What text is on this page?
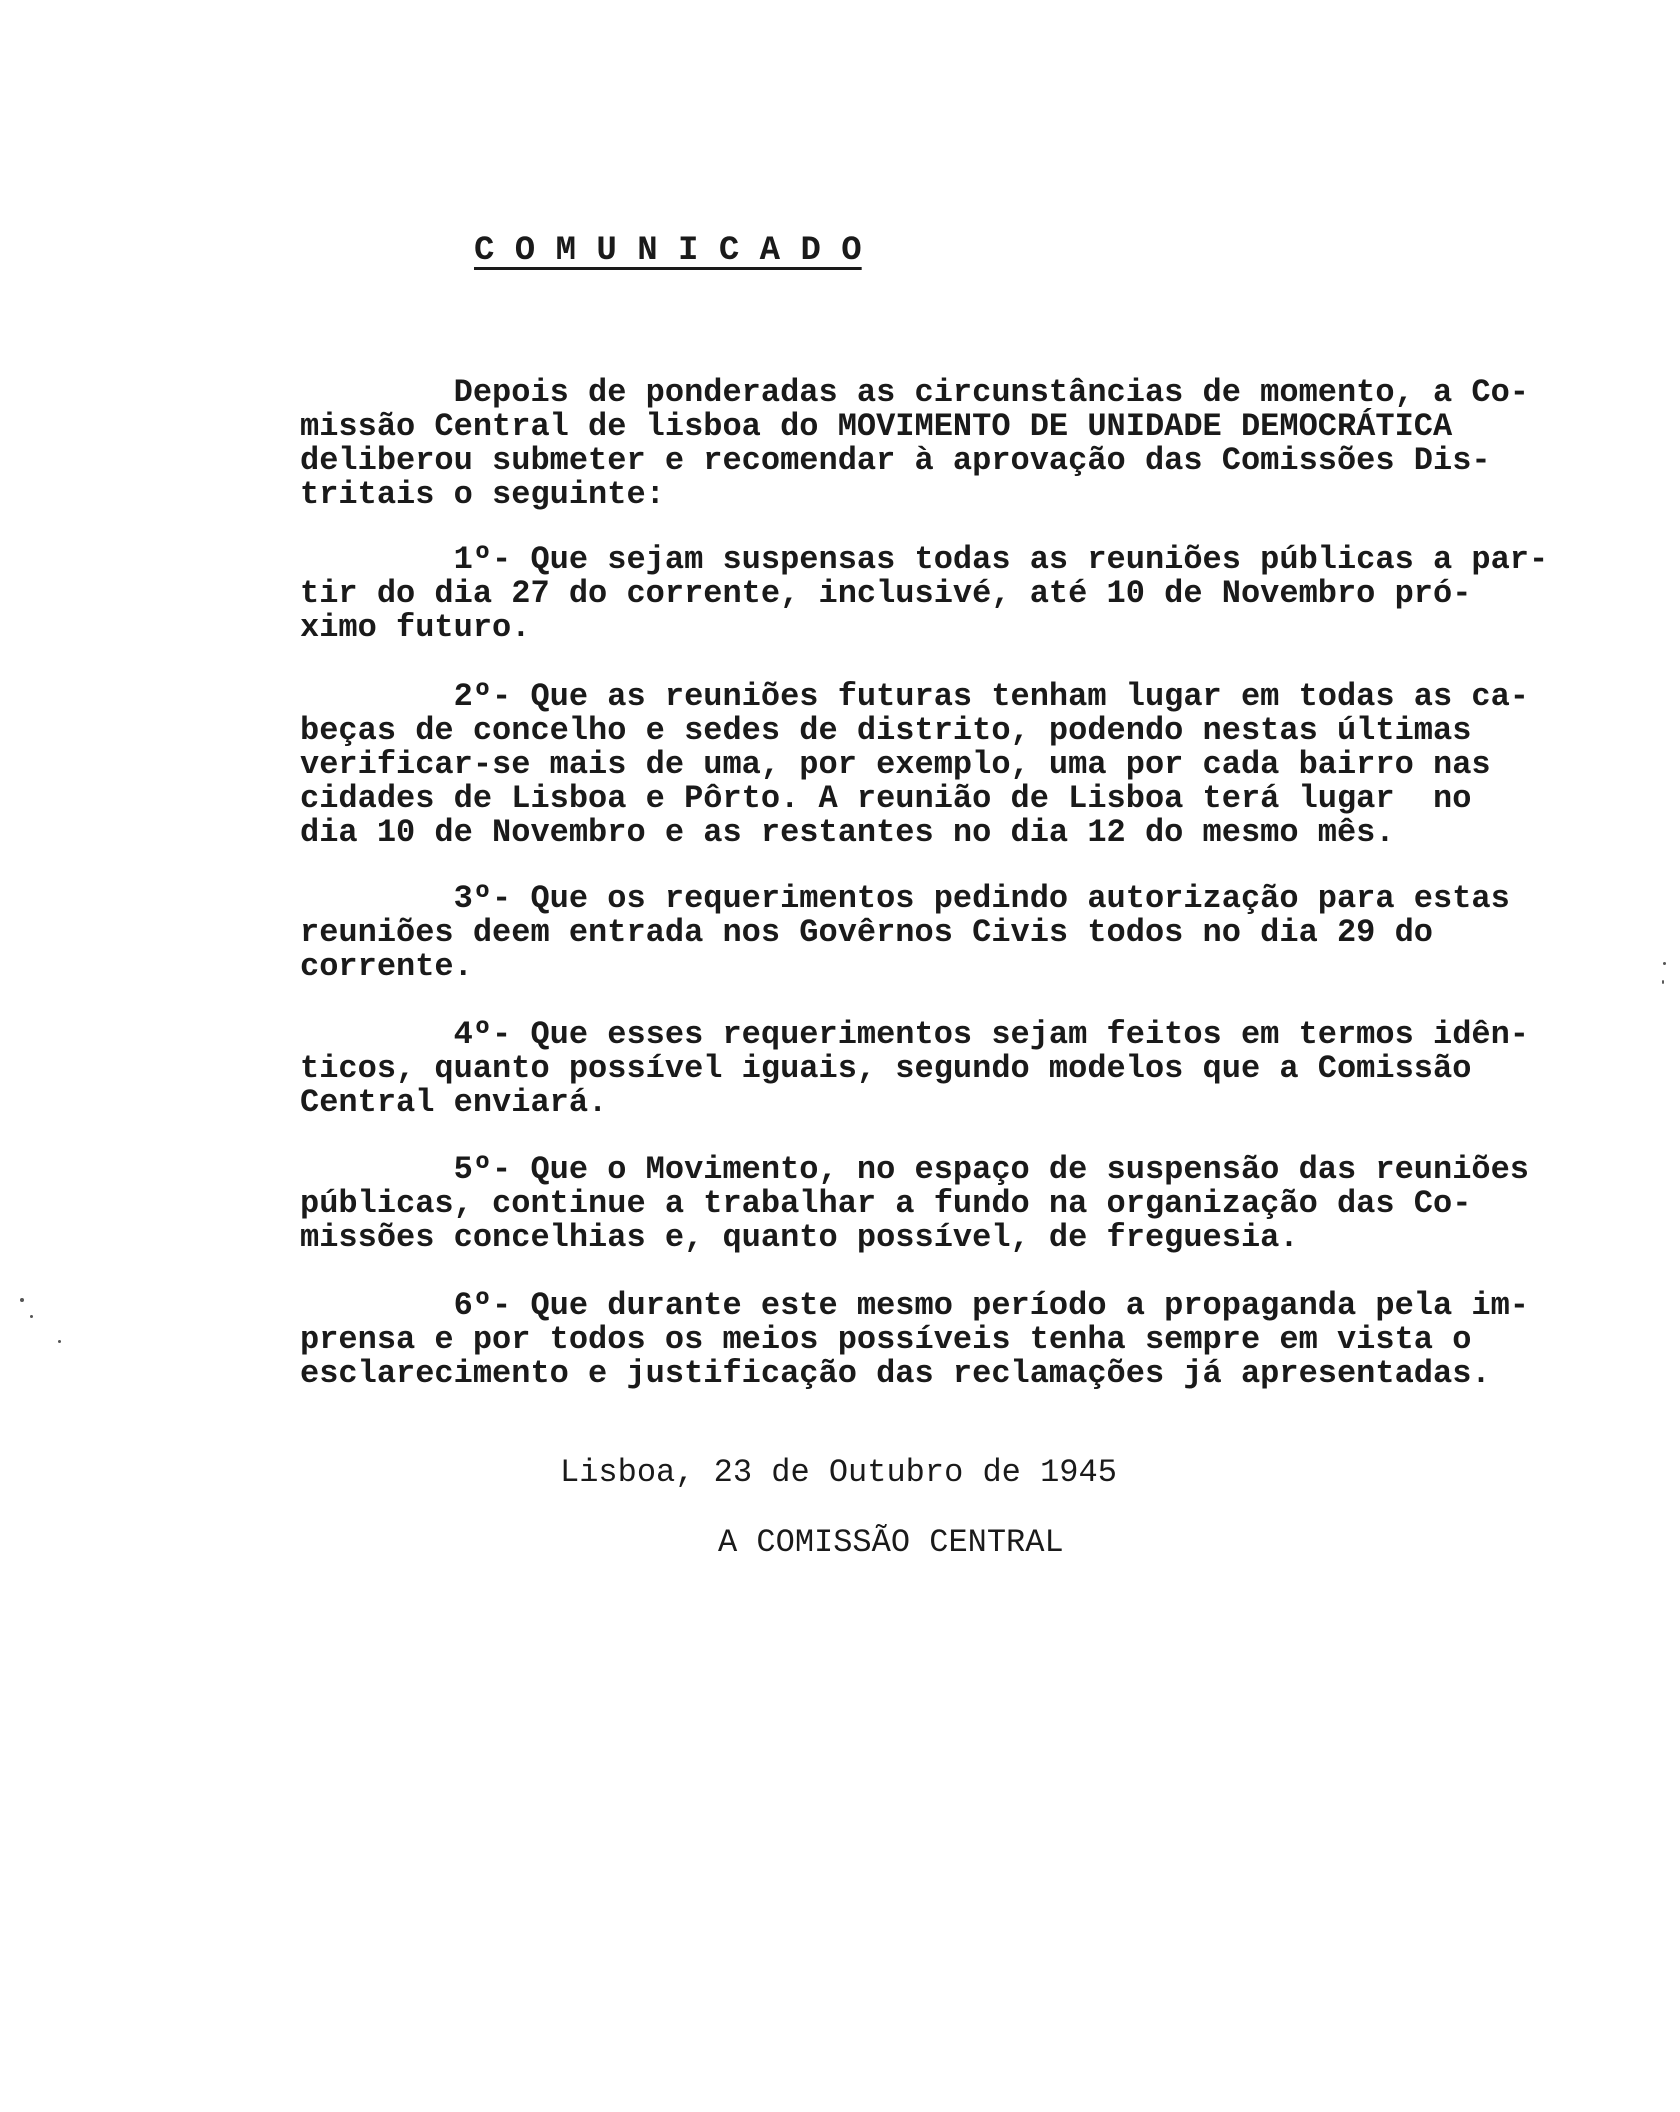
C O M U N I C A D O
Depois de ponderadas as circunstâncias de momento, a Co-
missão Central de lisboa do MOVIMENTO DE UNIDADE DEMOCRÁTICA
deliberou submeter e recomendar à aprovação das Comissões Dis-
tritais o seguinte:
1º- Que sejam suspensas todas as reuniões públicas a par-
tir do dia 27 do corrente, inclusivé, até 10 de Novembro pró-
ximo futuro.
2º- Que as reuniões futuras tenham lugar em todas as ca-
beças de concelho e sedes de distrito, podendo nestas últimas
verificar-se mais de uma, por exemplo, uma por cada bairro nas
cidades de Lisboa e Pôrto. A reunião de Lisboa terá lugar  no
dia 10 de Novembro e as restantes no dia 12 do mesmo mês.
3º- Que os requerimentos pedindo autorização para estas
reuniões deem entrada nos Govêrnos Civis todos no dia 29 do
corrente.
4º- Que esses requerimentos sejam feitos em termos idên-
ticos, quanto possível iguais, segundo modelos que a Comissão
Central enviará.
5º- Que o Movimento, no espaço de suspensão das reuniões
públicas, continue a trabalhar a fundo na organização das Co-
missões concelhias e, quanto possível, de freguesia.
6º- Que durante este mesmo período a propaganda pela im-
prensa e por todos os meios possíveis tenha sempre em vista o
esclarecimento e justificação das reclamações já apresentadas.
Lisboa, 23 de Outubro de 1945
A COMISSÃO CENTRAL
